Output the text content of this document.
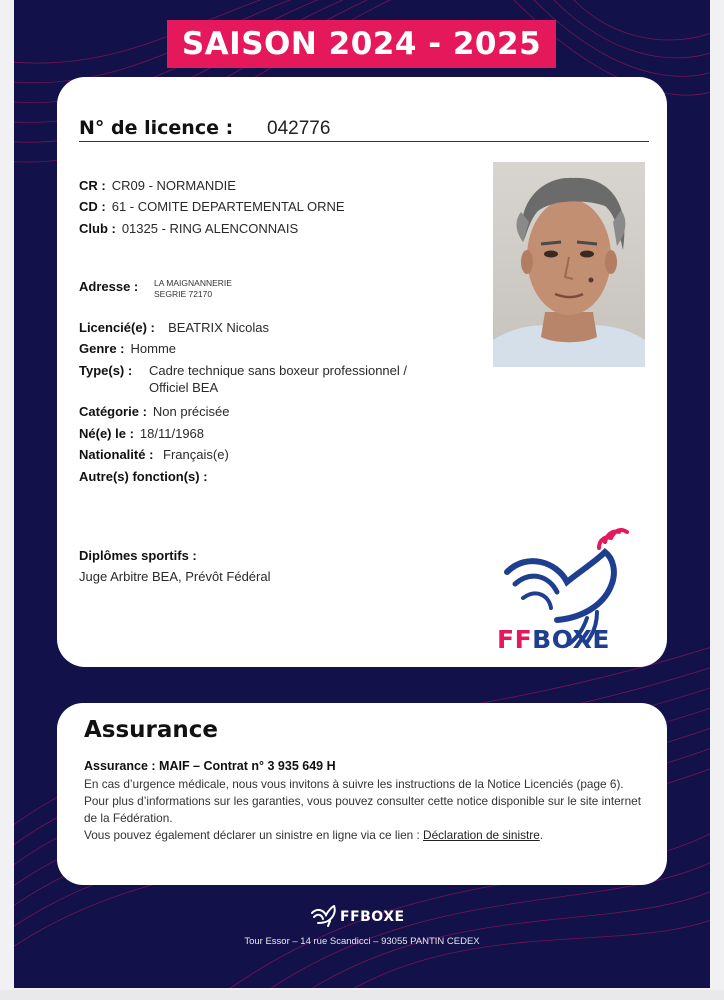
SAISON 2024 - 2025
N° de licence : 042776
CR : CR09 - NORMANDIE
CD : 61 - COMITE DEPARTEMENTAL ORNE
Club : 01325 - RING ALENCONNAIS
Adresse :	LA MAIGNANNERIE
SEGRIE 72170
Licencié(e) : BEATRIX Nicolas
Genre : Homme
Type(s) :	Cadre technique sans boxeur professionnel /
Officiel BEA
Catégorie : Non précisée
Né(e) le : 18/11/1968
Nationalité : Français(e)
Autre(s) fonction(s) :
Diplômes sportifs :
Juge Arbitre BEA, Prévôt Fédéral
FFBOXE
Assurance
Assurance : MAIF – Contrat n° 3 935 649 H

En cas d’urgence médicale, nous vous invitons à suivre les instructions de la Notice Licenciés (page 6).

Pour plus d’informations sur les garanties, vous pouvez consulter cette notice disponible sur le site internet de la Fédération.

Vous pouvez également déclarer un sinistre en ligne via ce lien : Déclaration de sinistre.

FFBOXE
Tour Essor – 14 rue Scandicci – 93055 PANTIN CEDEX
